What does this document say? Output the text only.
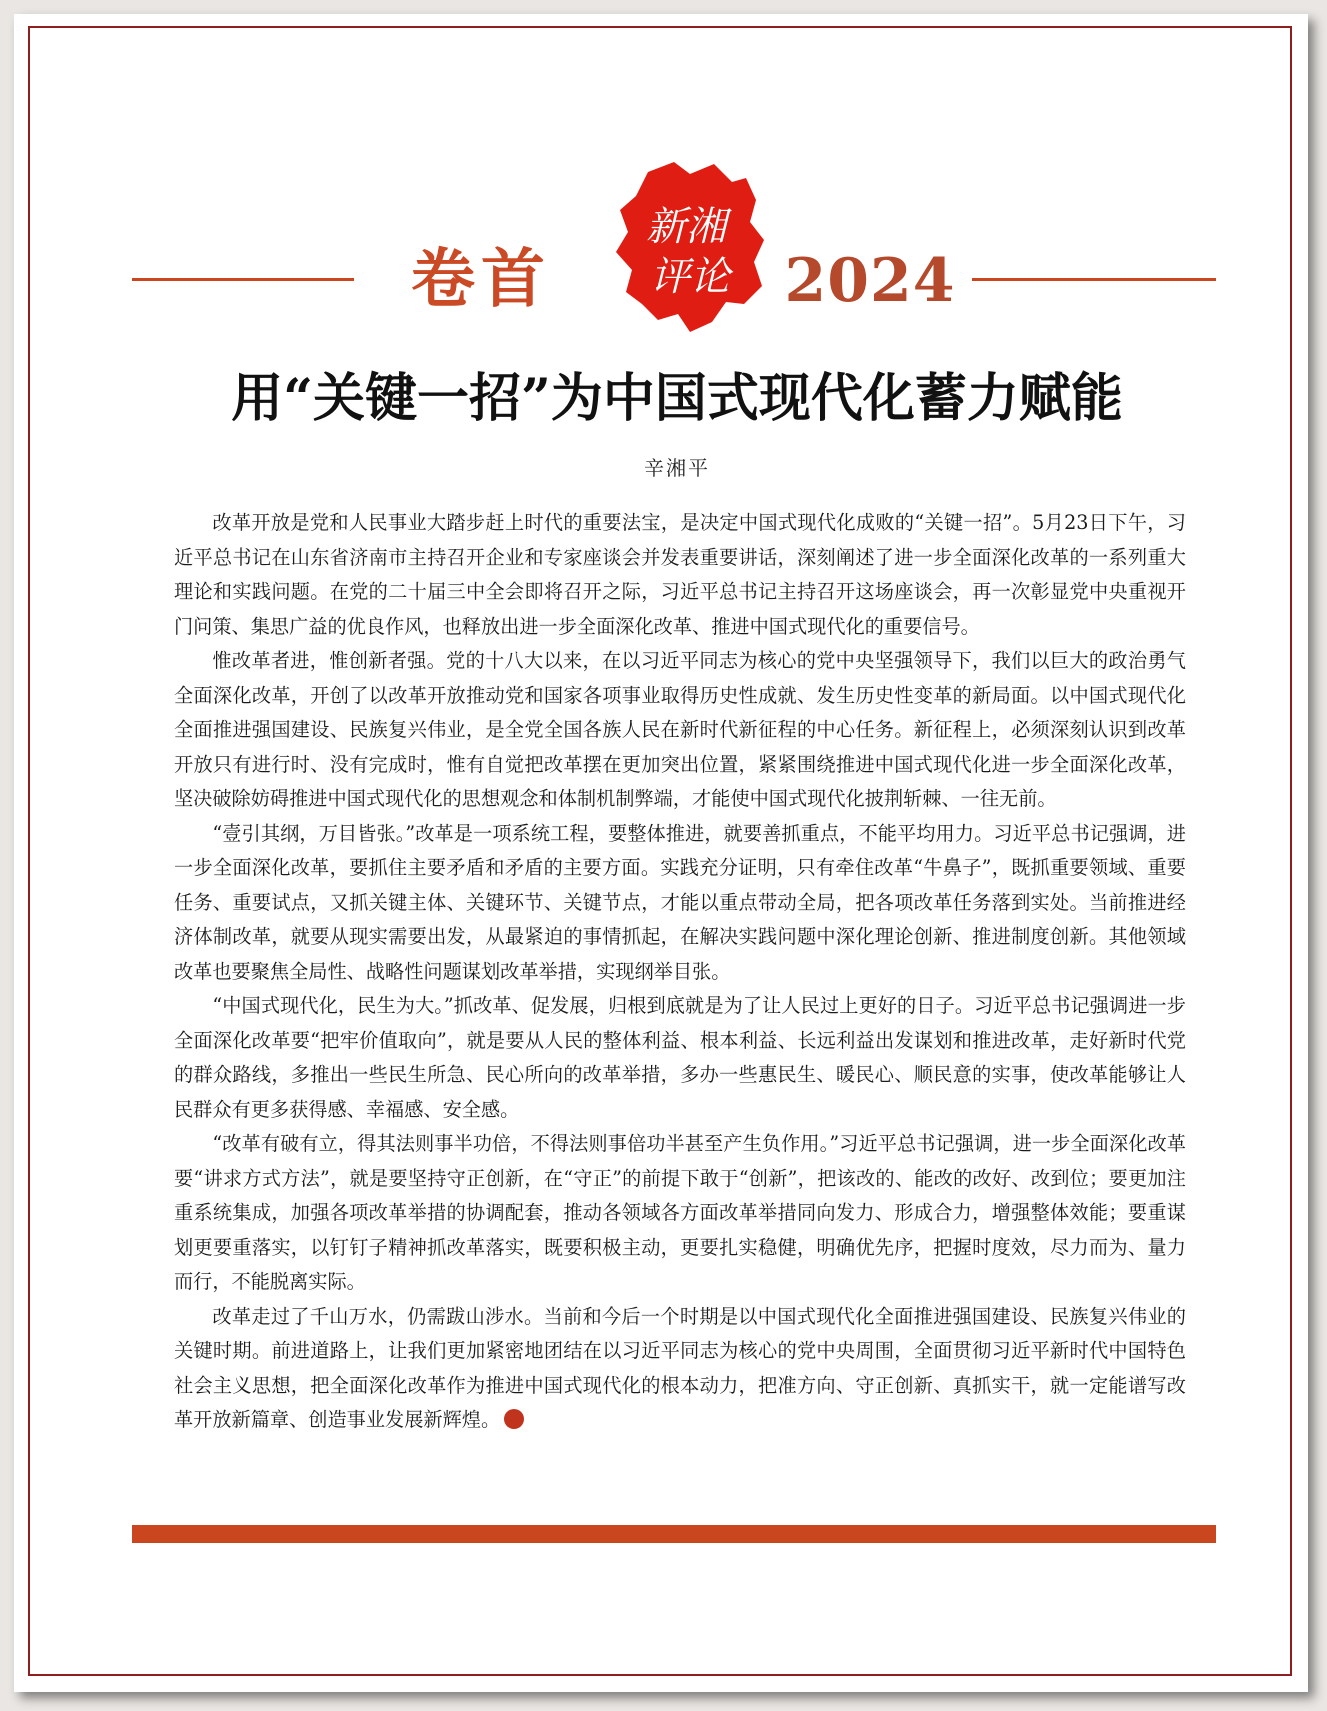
卷首
新湘
评论 2024
用“关键一招”为中国式现代化蓄力赋能

辛湘平

改革开放是党和人民事业大踏步赶上时代的重要法宝，是决定中国式现代化成败的“关键一招”。5月23日下午，习近平总书记在山东省济南市主持召开企业和专家座谈会并发表重要讲话，深刻阐述了进一步全面深化改革的一系列重大理论和实践问题。在党的二十届三中全会即将召开之际，习近平总书记主持召开这场座谈会，再一次彰显党中央重视开门问策、集思广益的优良作风，也释放出进一步全面深化改革、推进中国式现代化的重要信号。

惟改革者进，惟创新者强。党的十八大以来，在以习近平同志为核心的党中央坚强领导下，我们以巨大的政治勇气全面深化改革，开创了以改革开放推动党和国家各项事业取得历史性成就、发生历史性变革的新局面。以中国式现代化全面推进强国建设、民族复兴伟业，是全党全国各族人民在新时代新征程的中心任务。新征程上，必须深刻认识到改革开放只有进行时、没有完成时，惟有自觉把改革摆在更加突出位置，紧紧围绕推进中国式现代化进一步全面深化改革，坚决破除妨碍推进中国式现代化的思想观念和体制机制弊端，才能使中国式现代化披荆斩棘、一往无前。

“壹引其纲，万目皆张。”改革是一项系统工程，要整体推进，就要善抓重点，不能平均用力。习近平总书记强调，进一步全面深化改革，要抓住主要矛盾和矛盾的主要方面。实践充分证明，只有牵住改革“牛鼻子”，既抓重要领域、重要任务、重要试点，又抓关键主体、关键环节、关键节点，才能以重点带动全局，把各项改革任务落到实处。当前推进经济体制改革，就要从现实需要出发，从最紧迫的事情抓起，在解决实践问题中深化理论创新、推进制度创新。其他领域改革也要聚焦全局性、战略性问题谋划改革举措，实现纲举目张。

“中国式现代化，民生为大。”抓改革、促发展，归根到底就是为了让人民过上更好的日子。习近平总书记强调进一步全面深化改革要“把牢价值取向”，就是要从人民的整体利益、根本利益、长远利益出发谋划和推进改革，走好新时代党的群众路线，多推出一些民生所急、民心所向的改革举措，多办一些惠民生、暖民心、顺民意的实事，使改革能够让人民群众有更多获得感、幸福感、安全感。

“改革有破有立，得其法则事半功倍，不得法则事倍功半甚至产生负作用。”习近平总书记强调，进一步全面深化改革要“讲求方式方法”，就是要坚持守正创新，在“守正”的前提下敢于“创新”，把该改的、能改的改好、改到位；要更加注重系统集成，加强各项改革举措的协调配套，推动各领域各方面改革举措同向发力、形成合力，增强整体效能；要重谋划更要重落实，以钉钉子精神抓改革落实，既要积极主动，更要扎实稳健，明确优先序，把握时度效，尽力而为、量力而行，不能脱离实际。

改革走过了千山万水，仍需跋山涉水。当前和今后一个时期是以中国式现代化全面推进强国建设、民族复兴伟业的关键时期。前进道路上，让我们更加紧密地团结在以习近平同志为核心的党中央周围，全面贯彻习近平新时代中国特色社会主义思想，把全面深化改革作为推进中国式现代化的根本动力，把准方向、守正创新、真抓实干，就一定能谱写改革开放新篇章、创造事业发展新辉煌。
